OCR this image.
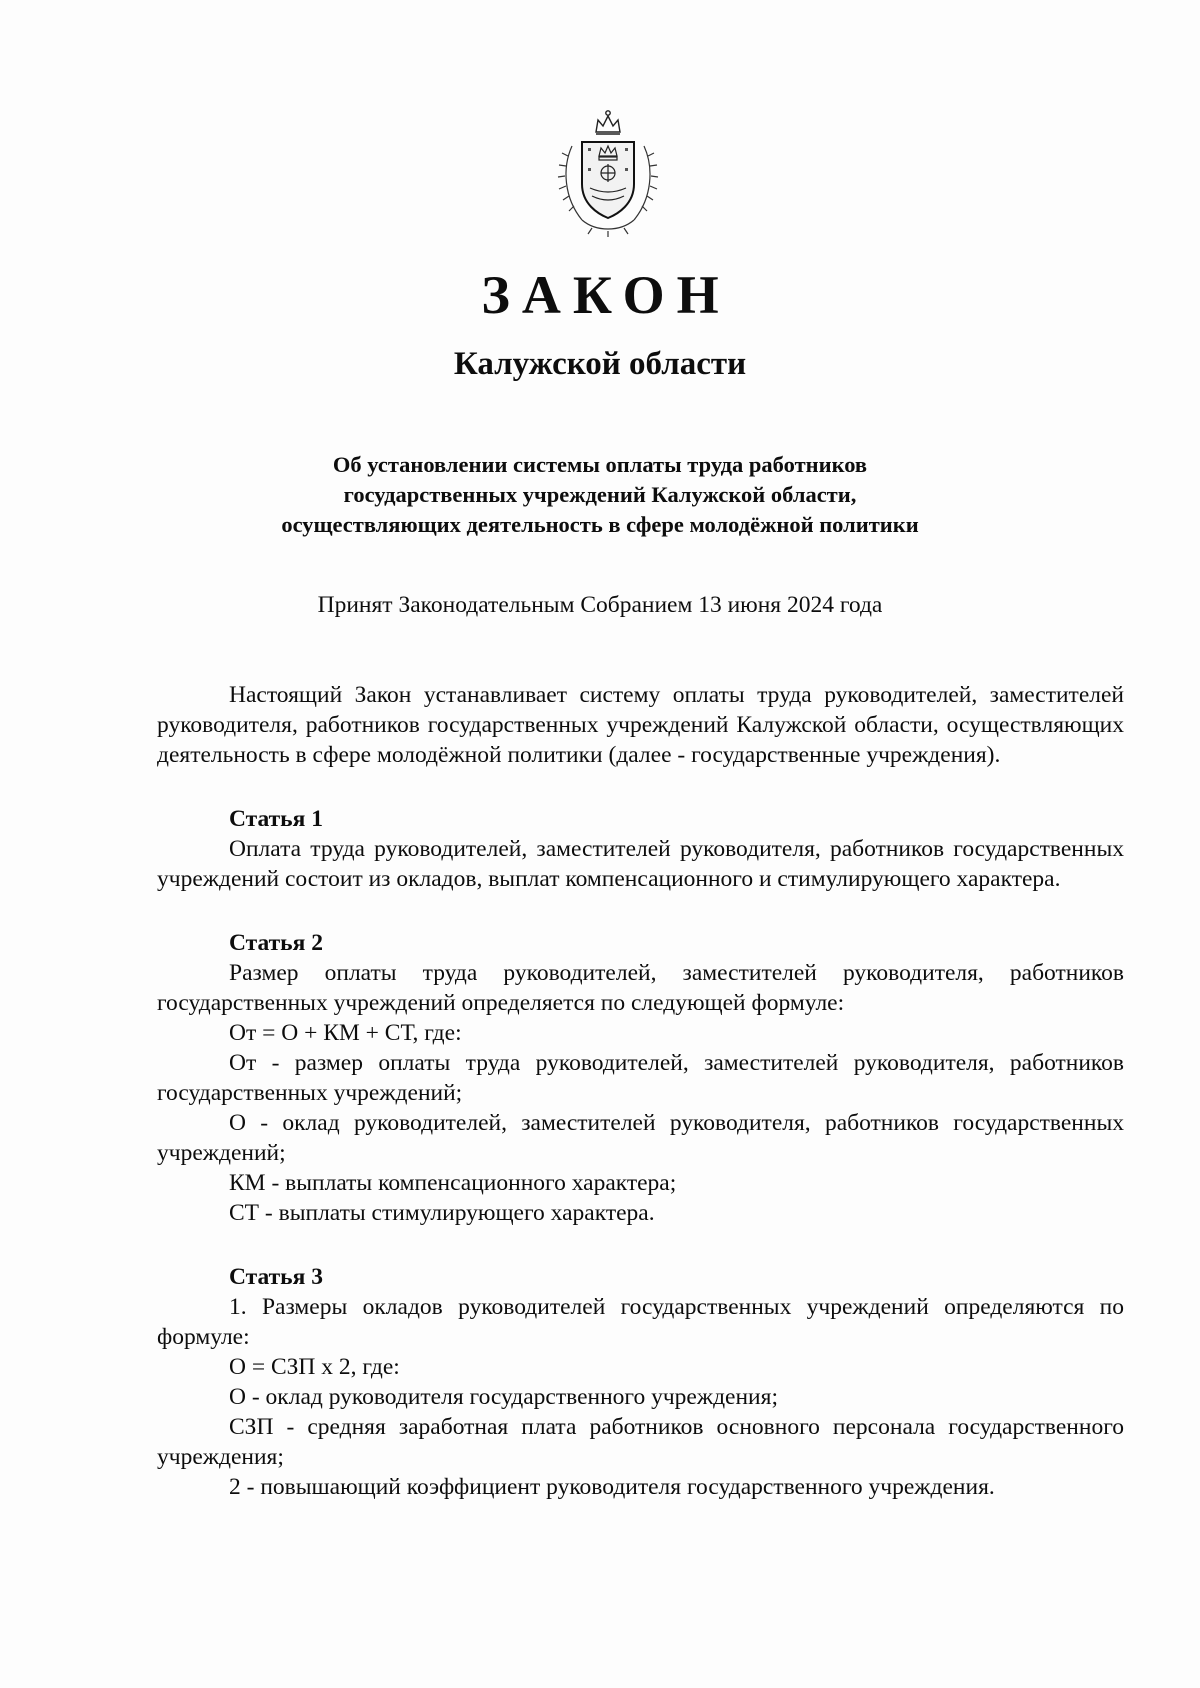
ЗАКОН
Калужской области
Об установлении системы оплаты труда работников
государственных учреждений Калужской области,
осуществляющих деятельность в сфере молодёжной политики
Принят Законодательным Собранием 13 июня 2024 года

Настоящий Закон устанавливает систему оплаты труда руководителей, заместителей руководителя, работников государственных учреждений Калужской области, осуществляющих деятельность в сфере молодёжной политики (далее - государственные учреждения).

Статья 1

Оплата труда руководителей, заместителей руководителя, работников государственных учреждений состоит из окладов, выплат компенсационного и стимулирующего характера.

Статья 2

Размер оплаты труда руководителей, заместителей руководителя, работников государственных учреждений определяется по следующей формуле:

От = О + КМ + СТ, где:

От - размер оплаты труда руководителей, заместителей руководителя, работников государственных учреждений;

О - оклад руководителей, заместителей руководителя, работников государственных учреждений;

КМ - выплаты компенсационного характера;

СТ - выплаты стимулирующего характера.

Статья 3

1. Размеры окладов руководителей государственных учреждений определяются по формуле:

О = СЗП х 2, где:

О - оклад руководителя государственного учреждения;

СЗП - средняя заработная плата работников основного персонала государственного учреждения;

2 - повышающий коэффициент руководителя государственного учреждения.
